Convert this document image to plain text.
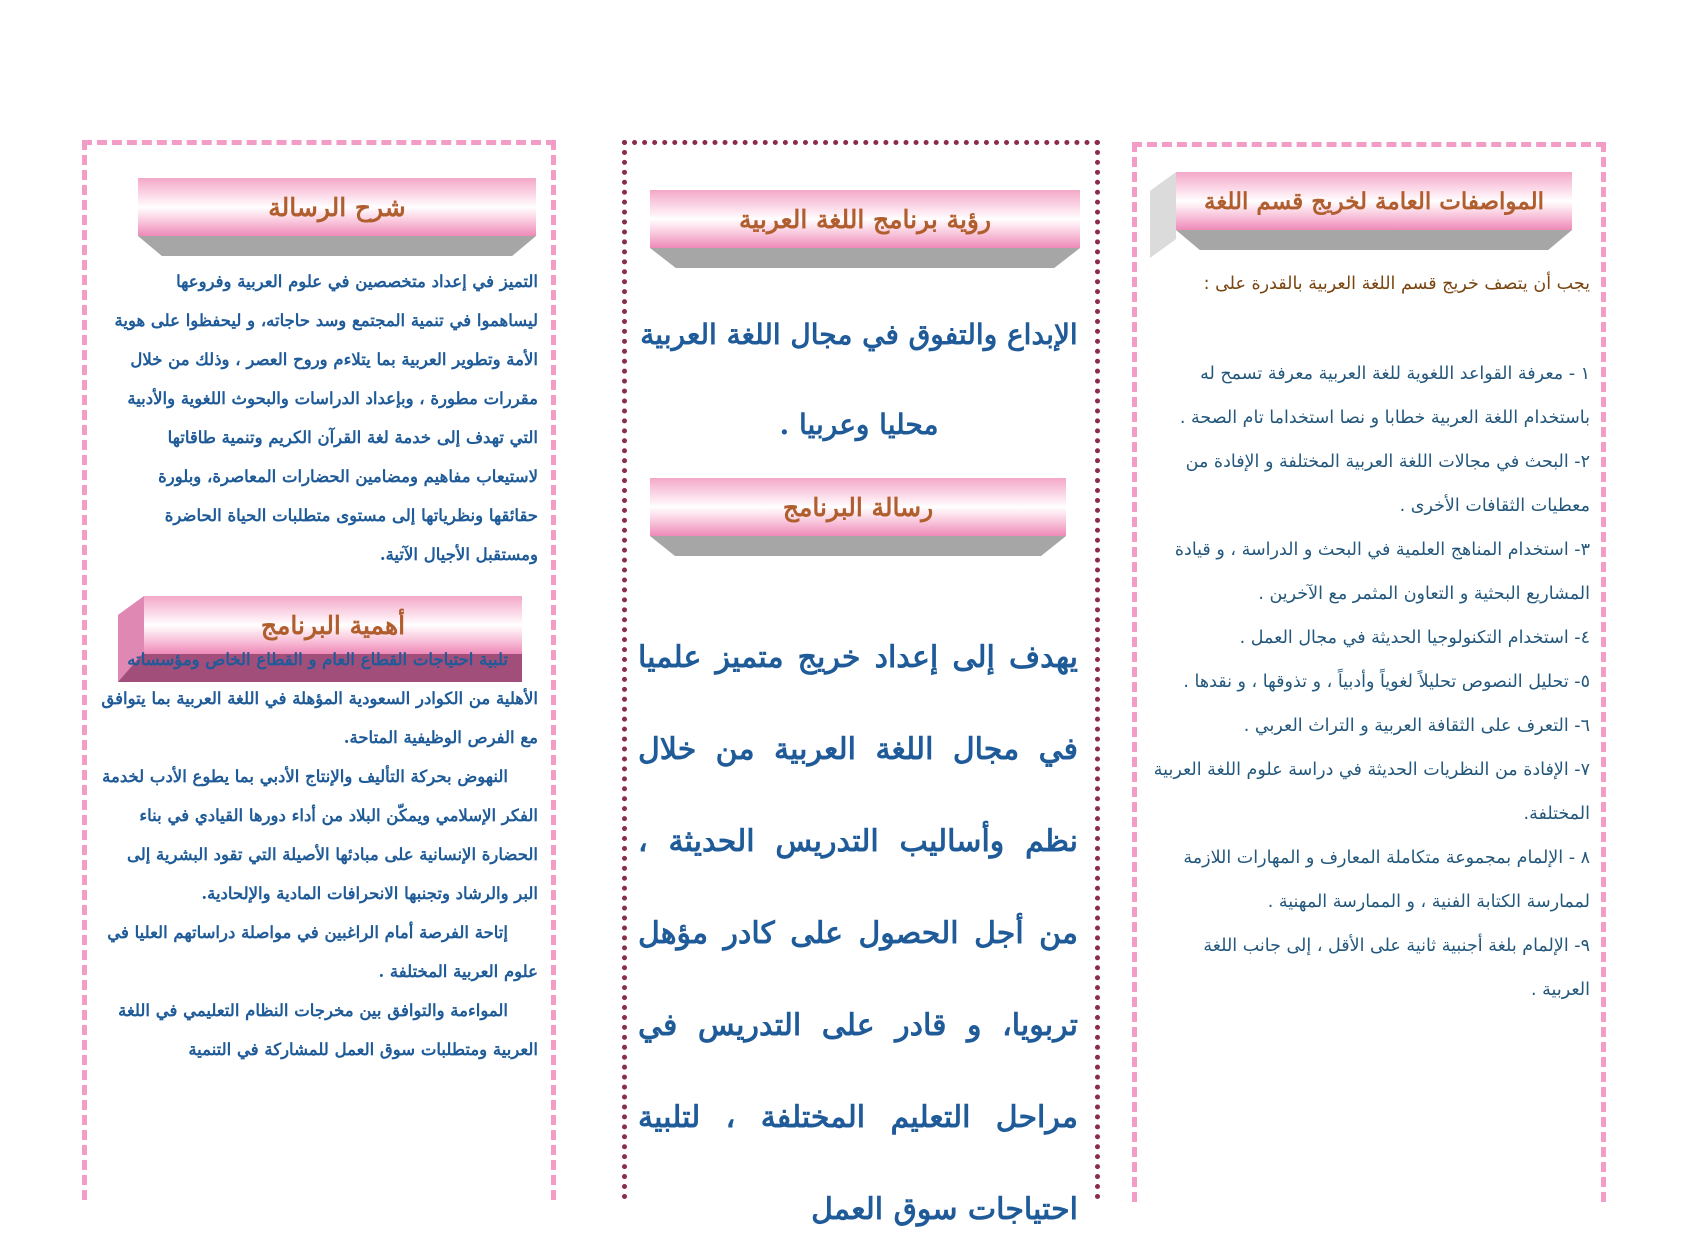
شرح الرسالة
التميز في إعداد متخصصين في علوم العربية وفروعها ليساهموا في تنمية المجتمع وسد حاجاته، و ليحفظوا على هوية الأمة وتطوير العربية بما يتلاءم وروح العصر ، وذلك من خلال مقررات مطورة ، وبإعداد الدراسات والبحوث اللغوية والأدبية التي تهدف إلى خدمة لغة القرآن الكريم وتنمية طاقاتها لاستيعاب مفاهيم ومضامين الحضارات المعاصرة، وبلورة حقائقها ونظرياتها إلى مستوى متطلبات الحياة الحاضرة ومستقبل الأجيال الآتية.
أهمية البرنامج

تلبية احتياجات القطاع العام و القطاع الخاص ومؤسساته الأهلية من الكوادر السعودية المؤهلة في اللغة العربية بما يتوافق مع الفرص الوظيفية المتاحة.

النهوض بحركة التأليف والإنتاج الأدبي بما يطوع الأدب لخدمة الفكر الإسلامي ويمكّن البلاد من أداء دورها القيادي في بناء الحضارة الإنسانية على مبادئها الأصيلة التي تقود البشرية إلى البر والرشاد وتجنبها الانحرافات المادية والإلحادية.

إتاحة الفرصة أمام الراغبين في مواصلة دراساتهم العليا في علوم العربية المختلفة .

المواءمة والتوافق بين مخرجات النظام التعليمي في اللغة العربية ومتطلبات سوق العمل للمشاركة في التنمية

رؤية برنامج اللغة العربية

الإبداع والتفوق في مجال اللغة العربية

محليا وعربيا .

رسالة البرنامج
يهدف إلى إعداد خريج متميز علميا في مجال اللغة العربية من خلال نظم وأساليب التدريس الحديثة ، من أجل الحصول على كادر مؤهل تربويا، و قادر على التدريس في مراحل التعليم المختلفة ، لتلبية احتياجات سوق العمل
المواصفات العامة لخريج قسم اللغة
يجب أن يتصف خريج قسم اللغة العربية بالقدرة على :

١ - معرفة القواعد اللغوية للغة العربية معرفة تسمح له باستخدام اللغة العربية خطابا و نصا استخداما تام الصحة .

٢- البحث في مجالات اللغة العربية المختلفة و الإفادة من معطيات الثقافات الأخرى .

٣- استخدام المناهج العلمية في البحث و الدراسة ، و قيادة المشاريع البحثية و التعاون المثمر مع الآخرين .

٤- استخدام التكنولوجيا الحديثة في مجال العمل .

٥- تحليل النصوص تحليلاً لغوياً وأدبياً ، و تذوقها ، و نقدها .

٦- التعرف على الثقافة العربية و التراث العربي .

٧- الإفادة من النظريات الحديثة في دراسة علوم اللغة العربية المختلفة.

٨ - الإلمام بمجموعة متكاملة المعارف و المهارات اللازمة لممارسة الكتابة الفنية ، و الممارسة المهنية .

٩- الإلمام بلغة أجنبية ثانية على الأقل ، إلى جانب اللغة العربية .
